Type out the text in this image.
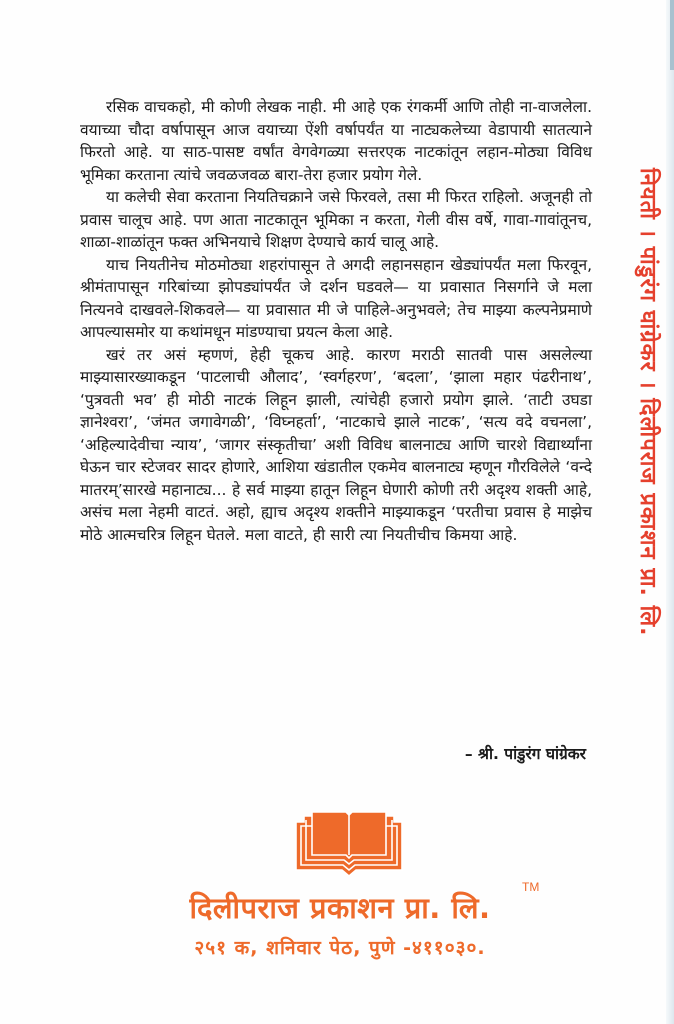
रसिक वाचकहो, मी कोणी लेखक नाही. मी आहे एक रंगकर्मी आणि तोही ना-वाजलेला. वयाच्या चौदा वर्षापासून आज वयाच्या ऐंशी वर्षापर्यंत या नाट्यकलेच्या वेडापायी सातत्याने फिरतो आहे. या साठ-पासष्ट वर्षांत वेगवेगळ्या सत्तरएक नाटकांतून लहान-मोठ्या विविध भूमिका करताना त्यांचे जवळजवळ बारा-तेरा हजार प्रयोग गेले.

या कलेची सेवा करताना नियतिचक्राने जसे फिरवले, तसा मी फिरत राहिलो. अजूनही तो प्रवास चालूच आहे. पण आता नाटकातून भूमिका न करता, गेली वीस वर्षे, गावा-गावांतूनच, शाळा-शाळांतून फक्त अभिनयाचे शिक्षण देण्याचे कार्य चालू आहे.

याच नियतीनेच मोठमोठ्या शहरांपासून ते अगदी लहानसहान खेड्यांपर्यंत मला फिरवून, श्रीमंतापासून गरिबांच्या झोपड्यांपर्यंत जे दर्शन घडवले— या प्रवासात निसर्गाने जे मला नित्यनवे दाखवले-शिकवले— या प्रवासात मी जे पाहिले-अनुभवले; तेच माझ्या कल्पनेप्रमाणे आपल्यासमोर या कथांमधून मांडण्याचा प्रयत्न केला आहे.

खरं तर असं म्हणणं, हेही चूकच आहे. कारण मराठी सातवी पास असलेल्या माझ्यासारख्याकडून ‘पाटलाची औलाद’, ‘स्वर्गहरण’, ‘बदला’, ‘झाला महार पंढरीनाथ’, ‘पुत्रवती भव’ ही मोठी नाटकं लिहून झाली, त्यांचेही हजारो प्रयोग झाले. ‘ताटी उघडा ज्ञानेश्वरा’, ‘जंमत जगावेगळी’, ‘विघ्नहर्ता’, ‘नाटकाचे झाले नाटक’, ‘सत्य वदे वचनला’, ‘अहिल्यादेवीचा न्याय’, ‘जागर संस्कृतीचा’ अशी विविध बालनाट्य आणि चारशे विद्यार्थ्यांना घेऊन चार स्टेजवर सादर होणारे, आशिया खंडातील एकमेव बालनाट्य म्हणून गौरविलेले ‘वन्दे मातरम्’सारखे महानाट्य... हे सर्व माझ्या हातून लिहून घेणारी कोणी तरी अदृश्य शक्ती आहे, असंच मला नेहमी वाटतं. अहो, ह्याच अदृश्य शक्तीने माझ्याकडून ‘परतीचा प्रवास हे माझेच मोठे आत्मचरित्र लिहून घेतले. मला वाटते, ही सारी त्या नियतीचीच किमया आहे.

– श्री. पांडुरंग घांग्रेकर
दिलीपराज प्रकाशन प्रा. लि.
TM
२५१ क, शनिवार पेठ, पुणे -४११०३०.
नियती । पांडुरंग घांग्रेकर । दिलीपराज प्रकाशन प्रा. लि.
